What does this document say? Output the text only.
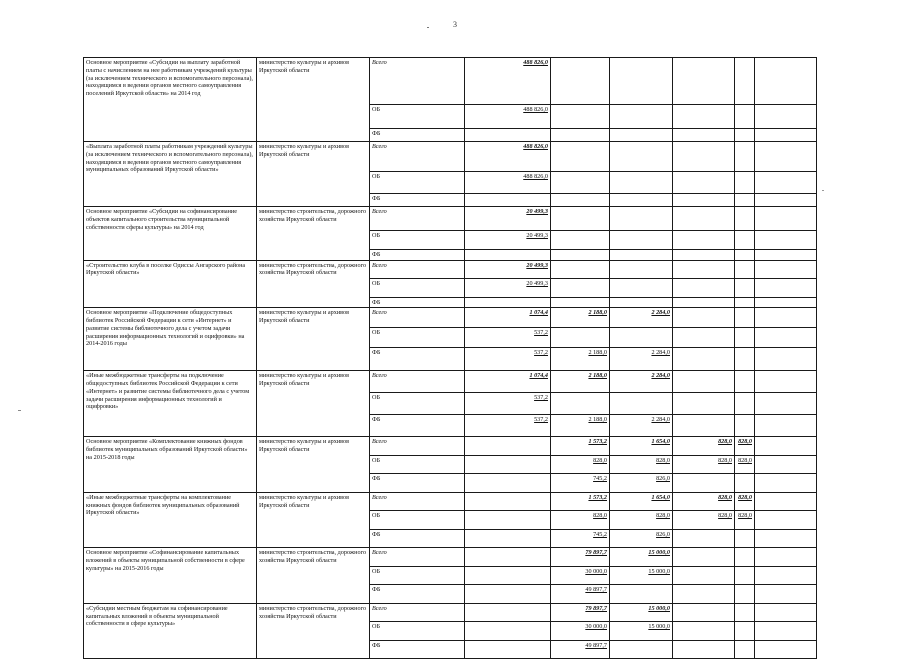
3
Основное мероприятие «Субсидии на выплату заработной платы с начислением на нее работникам учреждений культуры (за исключением технического и вспомогательного персонала), находящимся в ведении органов местного самоуправления поселений Иркутской области» на 2014 год	министерство культуры и архивов Иркутской области	Всего	488 826,0						
		ОБ	488 826,0						
		ФБ							
«Выплата заработной платы работникам учреждений культуры (за исключением технического и вспомогательного персонала), находящимся в ведении органов местного самоуправления муниципальных образований Иркутской области»	министерство культуры и архивов Иркутской области	Всего	488 826,0						
		ОБ	488 826,0						
		ФБ							
Основное мероприятие «Субсидии на софинансирование объектов капитального строительства муниципальной собственности сферы культуры» на 2014 год	министерство строительства, дорожного хозяйства Иркутской области	Всего	20 499,3						
		ОБ	20 499,3						
		ФБ							
«Строительство клуба в поселке Одиссы Ангарского района Иркутской области»	министерство строительства, дорожного хозяйства Иркутской области	Всего	20 499,3						
		ОБ	20 499,3						
		ФБ							
Основное мероприятие «Подключение общедоступных библиотек Российской Федерации к сети «Интернет» и развитие системы библиотечного дела с учетом задачи расширения информационных технологий и оцифровки» на 2014-2016 годы	министерство культуры и архивов Иркутской области	Всего	1 074,4	2 188,0	2 284,0				
		ОБ	537,2						
		ФБ	537,2	2 188,0	2 284,0				
«Иные межбюджетные трансферты на подключение общедоступных библиотек Российской Федерации к сети «Интернет» и развитие системы библиотечного дела с учетом задачи расширения информационных технологий и оцифровки»	министерство культуры и архивов Иркутской области	Всего	1 074,4	2 188,0	2 284,0				
		ОБ	537,2						
		ФБ	537,2	2 188,0	2 284,0				
Основное мероприятие «Комплектование книжных фондов библиотек муниципальных образований Иркутской области» на 2015-2018 годы	министерство культуры и архивов Иркутской области	Всего		1 573,2	1 654,0	828,0	828,0		
		ОБ		828,0	828,0	828,0	828,0		
		ФБ		745,2	826,0				
«Иные межбюджетные трансферты на комплектование книжных фондов библиотек муниципальных образований Иркутской области»	министерство культуры и архивов Иркутской области	Всего		1 573,2	1 654,0	828,0	828,0		
		ОБ		828,0	828,0	828,0	828,0		
		ФБ		745,2	826,0				
Основное мероприятие «Софинансирование капитальных вложений в объекты муниципальной собственности в сфере культуры» на 2015-2016 годы	министерство строительства, дорожного хозяйства Иркутской области	Всего		79 897,7	15 000,0				
		ОБ		30 000,0	15 000,0				
		ФБ		49 897,7					
«Субсидии местным бюджетам на софинансирование капитальных вложений в объекты муниципальной собственности в сфере культуры»	министерство строительства, дорожного хозяйства Иркутской области	Всего		79 897,7	15 000,0				
		ОБ		30 000,0	15 000,0				
		ФБ		49 897,7					
